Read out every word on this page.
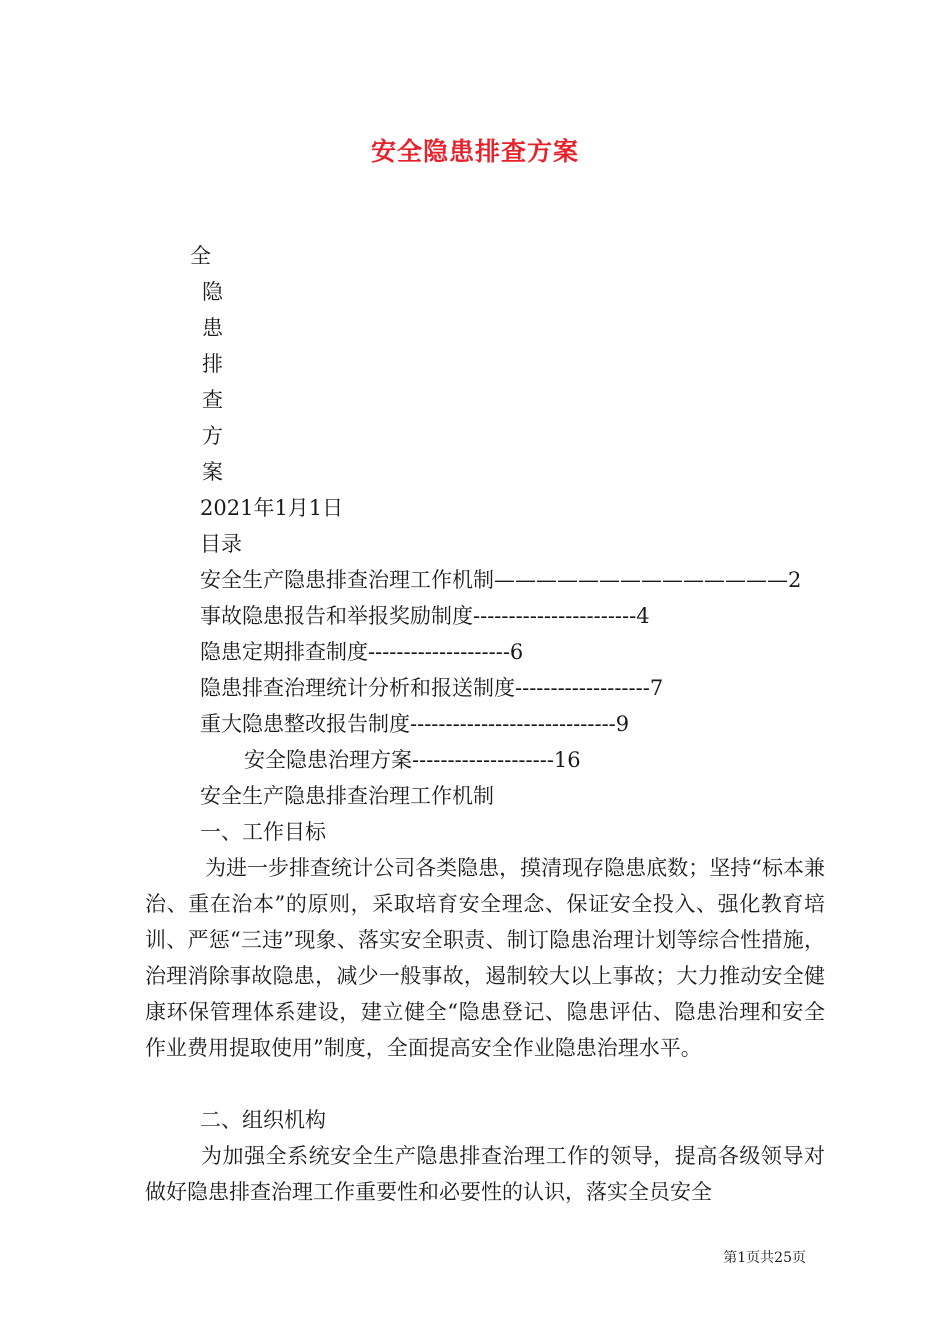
安全隐患排查方案
全
隐
患
排
查
方
案
2021年1月1日
目录
安全生产隐患排查治理工作机制——————————————2
事故隐患报告和举报奖励制度-----------------------4
隐患定期排查制度--------------------6
隐患排查治理统计分析和报送制度-------------------7
重大隐患整改报告制度-----------------------------9
安全隐患治理方案--------------------16
安全生产隐患排查治理工作机制
一、工作目标
为进一步排查统计公司各类隐患，摸清现存隐患底数；坚持“标本兼治、重在治本”的原则，采取培育安全理念、保证安全投入、强化教育培训、严惩“三违”现象、落实安全职责、制订隐患治理计划等综合性措施，治理消除事故隐患，减少一般事故，遏制较大以上事故；大力推动安全健康环保管理体系建设，建立健全“隐患登记、隐患评估、隐患治理和安全作业费用提取使用”制度，全面提高安全作业隐患治理水平。
二、组织机构
为加强全系统安全生产隐患排查治理工作的领导，提高各级领导对做好隐患排查治理工作重要性和必要性的认识，落实全员安全
第1页共25页
